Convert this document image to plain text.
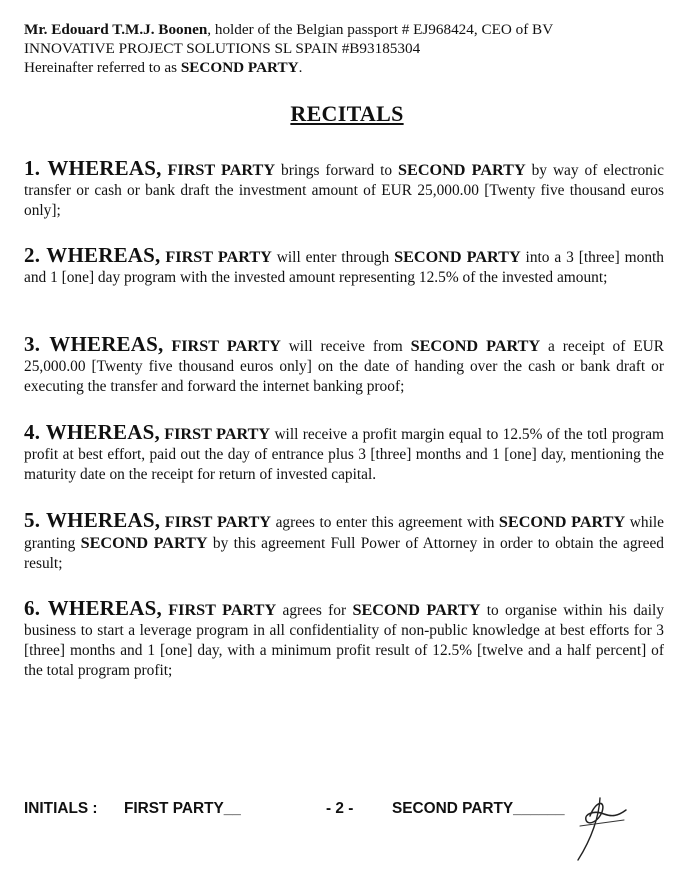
Mr. Edouard T.M.J. Boonen, holder of the Belgian passport # EJ968424, CEO of BV

INNOVATIVE PROJECT SOLUTIONS SL SPAIN #B93185304

Hereinafter referred to as SECOND PARTY.

RECITALS
1. WHEREAS, FIRST PARTY brings forward to SECOND PARTY by way of electronic transfer or cash or bank draft the investment amount of EUR 25,000.00 [Twenty five thousand euros only];
2. WHEREAS, FIRST PARTY will enter through SECOND PARTY into a 3 [three] month and 1 [one] day program with the invested amount representing 12.5% of the invested amount;
3. WHEREAS, FIRST PARTY will receive from SECOND PARTY a receipt of EUR 25,000.00 [Twenty five thousand euros only] on the date of handing over the cash or bank draft or executing the transfer and forward the internet banking proof;
4. WHEREAS, FIRST PARTY will receive a profit margin equal to 12.5% of the totl program profit at best effort, paid out the day of entrance plus 3 [three] months and 1 [one] day, mentioning the maturity date on the receipt for return of invested capital.
5. WHEREAS, FIRST PARTY agrees to enter this agreement with SECOND PARTY while granting SECOND PARTY by this agreement Full Power of Attorney in order to obtain the agreed result;
6. WHEREAS, FIRST PARTY agrees for SECOND PARTY to organise within his daily business to start a leverage program in all confidentiality of non-public knowledge at best efforts for 3 [three] months and 1 [one] day, with a minimum profit result of 12.5% [twelve and a half percent] of the total program profit;
INITIALS : FIRST PARTY__	- 2 -	SECOND PARTY______
